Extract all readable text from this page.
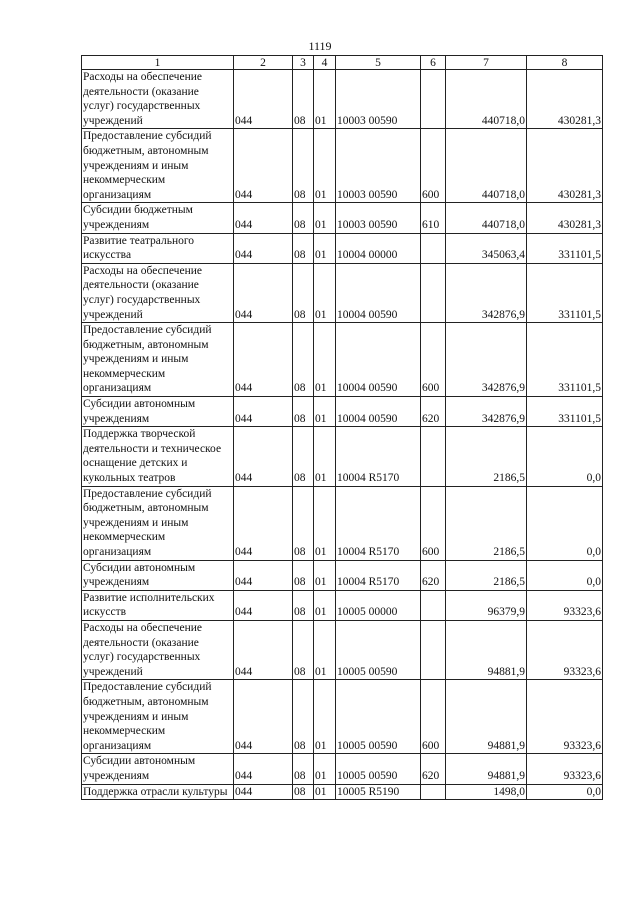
1119
1	2	3	4	5	6	7	8
Расходы на обеспечение деятельности (оказание услуг) государственных учреждений	044	08	01	10003 00590		440718,0	430281,3
Предоставление субсидий бюджетным, автономным учреждениям и иным некоммерческим организациям	044	08	01	10003 00590	600	440718,0	430281,3
Субсидии бюджетным учреждениям	044	08	01	10003 00590	610	440718,0	430281,3
Развитие театрального искусства	044	08	01	10004 00000		345063,4	331101,5
Расходы на обеспечение деятельности (оказание услуг) государственных учреждений	044	08	01	10004 00590		342876,9	331101,5
Предоставление субсидий бюджетным, автономным учреждениям и иным некоммерческим организациям	044	08	01	10004 00590	600	342876,9	331101,5
Субсидии автономным учреждениям	044	08	01	10004 00590	620	342876,9	331101,5
Поддержка творческой деятельности и техническое оснащение детских и кукольных театров	044	08	01	10004 R5170		2186,5	0,0
Предоставление субсидий бюджетным, автономным учреждениям и иным некоммерческим организациям	044	08	01	10004 R5170	600	2186,5	0,0
Субсидии автономным учреждениям	044	08	01	10004 R5170	620	2186,5	0,0
Развитие исполнительских искусств	044	08	01	10005 00000		96379,9	93323,6
Расходы на обеспечение деятельности (оказание услуг) государственных учреждений	044	08	01	10005 00590		94881,9	93323,6
Предоставление субсидий бюджетным, автономным учреждениям и иным некоммерческим организациям	044	08	01	10005 00590	600	94881,9	93323,6
Субсидии автономным учреждениям	044	08	01	10005 00590	620	94881,9	93323,6
Поддержка отрасли культуры	044	08	01	10005 R5190		1498,0	0,0
